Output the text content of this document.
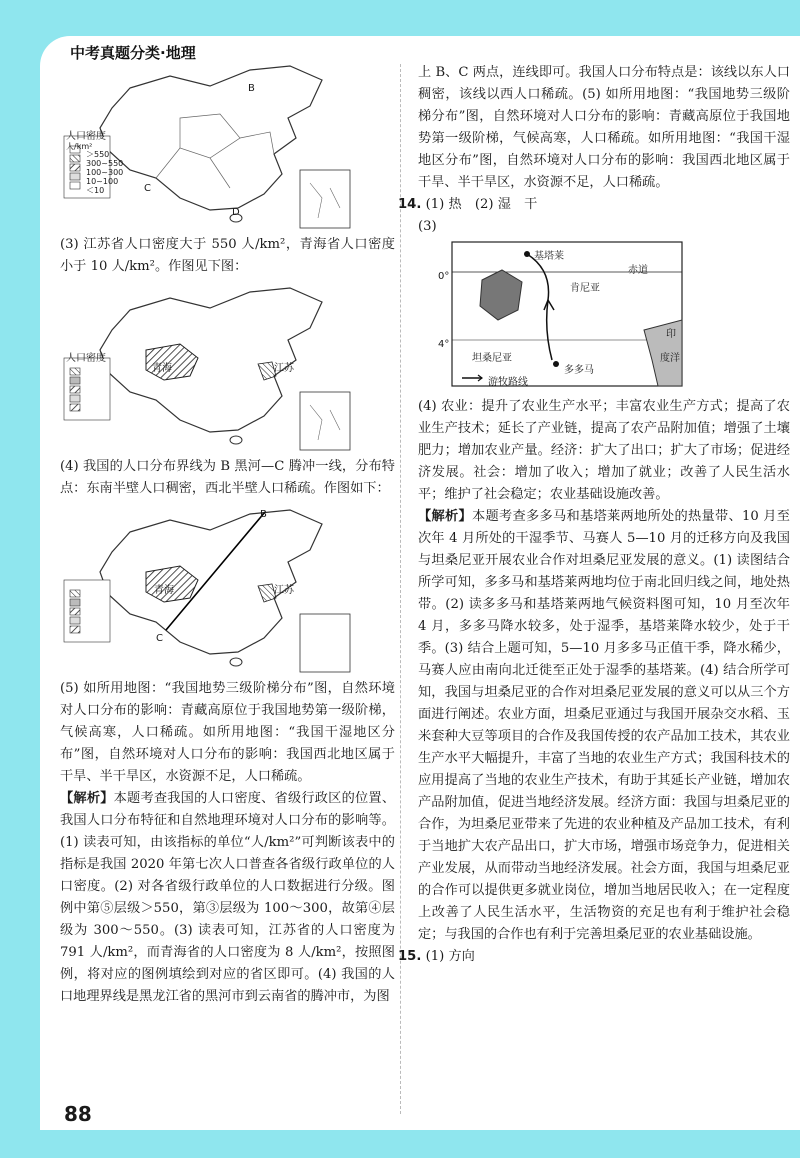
中考真题分类·地理
人口密度
人/km²
＞550
300~550
100~300
10~100
＜10
B
C
D

(3) 江苏省人口密度大于 550 人/km²，青海省人口密度小于 10 人/km²。作图见下图：

青海	江苏
人口密度

(4) 我国的人口分布界线为 B 黑河—C 腾冲一线，分布特点：东南半壁人口稠密，西北半壁人口稀疏。作图如下：

青海	江苏
B
C

(5) 如所用地图：“我国地势三级阶梯分布”图，自然环境对人口分布的影响：青藏高原位于我国地势第一级阶梯，气候高寒，人口稀疏。如所用地图：“我国干湿地区分布”图，自然环境对人口分布的影响：我国西北地区属于干旱、半干旱区，水资源不足，人口稀疏。

【解析】本题考查我国的人口密度、省级行政区的位置、我国人口分布特征和自然地理环境对人口分布的影响等。(1) 读表可知，由该指标的单位“人/km²”可判断该表中的指标是我国 2020 年第七次人口普查各省级行政单位的人口密度。(2) 对各省级行政单位的人口数据进行分级。图例中第⑤层级＞550，第③层级为 100～300，故第④层级为 300～550。(3) 读表可知，江苏省的人口密度为 791 人/km²，而青海省的人口密度为 8 人/km²，按照图例，将对应的图例填绘到对应的省区即可。(4) 我国的人口地理界线是黑龙江省的黑河市到云南省的腾冲市，为图

上 B、C 两点，连线即可。我国人口分布特点是：该线以东人口稠密，该线以西人口稀疏。(5) 如所用地图：“我国地势三级阶梯分布”图，自然环境对人口分布的影响：青藏高原位于我国地势第一级阶梯，气候高寒，人口稀疏。如所用地图：“我国干湿地区分布”图，自然环境对人口分布的影响：我国西北地区属于干旱、半干旱区，水资源不足，人口稀疏。

14. (1) 热　(2) 湿　干

(3)

0°
4°
赤道
肯尼亚
坦桑尼亚
基塔莱
多多马
游牧路线
印
度洋

(4) 农业：提升了农业生产水平；丰富农业生产方式；提高了农业生产技术；延长了产业链，提高了农产品附加值；增强了土壤肥力；增加农业产量。经济：扩大了出口；扩大了市场；促进经济发展。社会：增加了收入；增加了就业；改善了人民生活水平；维护了社会稳定；农业基础设施改善。

【解析】本题考查多多马和基塔莱两地所处的热量带、10 月至次年 4 月所处的干湿季节、马赛人 5—10 月的迁移方向及我国与坦桑尼亚开展农业合作对坦桑尼亚发展的意义。(1) 读图结合所学可知，多多马和基塔莱两地均位于南北回归线之间，地处热带。(2) 读多多马和基塔莱两地气候资料图可知，10 月至次年 4 月，多多马降水较多，处于湿季，基塔莱降水较少，处于干季。(3) 结合上题可知，5—10 月多多马正值干季，降水稀少，马赛人应由南向北迁徙至正处于湿季的基塔莱。(4) 结合所学可知，我国与坦桑尼亚的合作对坦桑尼亚发展的意义可以从三个方面进行阐述。农业方面，坦桑尼亚通过与我国开展杂交水稻、玉米套种大豆等项目的合作及我国传授的农产品加工技术，其农业生产水平大幅提升，丰富了当地的农业生产方式；我国科技术的应用提高了当地的农业生产技术，有助于其延长产业链，增加农产品附加值，促进当地经济发展。经济方面：我国与坦桑尼亚的合作，为坦桑尼亚带来了先进的农业种植及产品加工技术，有利于当地扩大农产品出口，扩大市场，增强市场竞争力，促进相关产业发展，从而带动当地经济发展。社会方面，我国与坦桑尼亚的合作可以提供更多就业岗位，增加当地居民收入；在一定程度上改善了人民生活水平，生活物资的充足也有利于维护社会稳定；与我国的合作也有利于完善坦桑尼亚的农业基础设施。

15. (1) 方向

88
